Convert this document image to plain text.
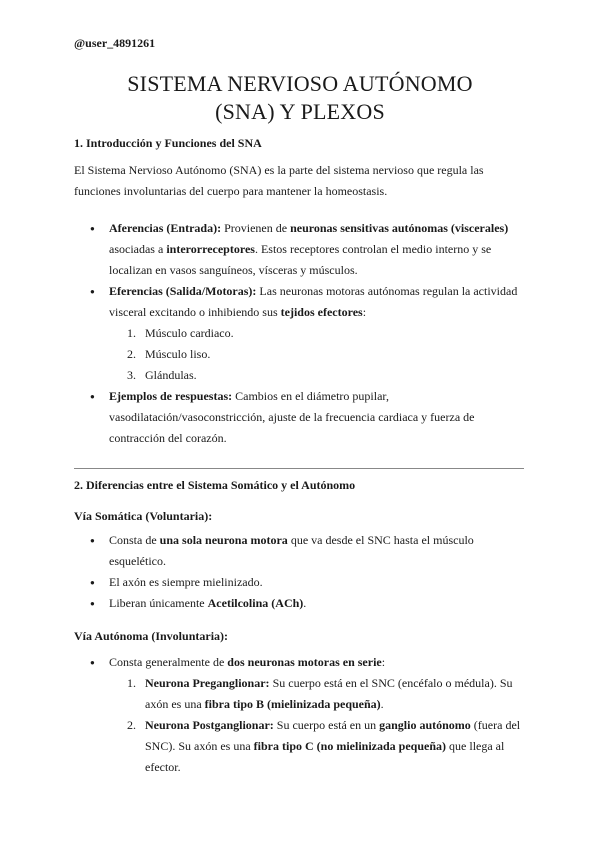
@user_4891261
SISTEMA NERVIOSO AUTÓNOMO
(SNA) Y PLEXOS
1. Introducción y Funciones del SNA

El Sistema Nervioso Autónomo (SNA) es la parte del sistema nervioso que regula las funciones involuntarias del cuerpo para mantener la homeostasis.

● Aferencias (Entrada): Provienen de neuronas sensitivas autónomas (viscerales) asociadas a interorreceptores. Estos receptores controlan el medio interno y se localizan en vasos sanguíneos, vísceras y músculos.
● Eferencias (Salida/Motoras): Las neuronas motoras autónomas regulan la actividad visceral excitando o inhibiendo sus tejidos efectores:
1. Músculo cardiaco.
2. Músculo liso.
3. Glándulas.
● Ejemplos de respuestas: Cambios en el diámetro pupilar, vasodilatación/vasoconstricción, ajuste de la frecuencia cardiaca y fuerza de contracción del corazón.
2. Diferencias entre el Sistema Somático y el Autónomo
Vía Somática (Voluntaria):
● Consta de una sola neurona motora que va desde el SNC hasta el músculo esquelético.
● El axón es siempre mielinizado.
● Liberan únicamente Acetilcolina (ACh).
Vía Autónoma (Involuntaria):
● Consta generalmente de dos neuronas motoras en serie:
1. Neurona Preganglionar: Su cuerpo está en el SNC (encéfalo o médula). Su axón es una fibra tipo B (mielinizada pequeña).
2. Neurona Postganglionar: Su cuerpo está en un ganglio autónomo (fuera del SNC). Su axón es una fibra tipo C (no mielinizada pequeña) que llega al efector.
